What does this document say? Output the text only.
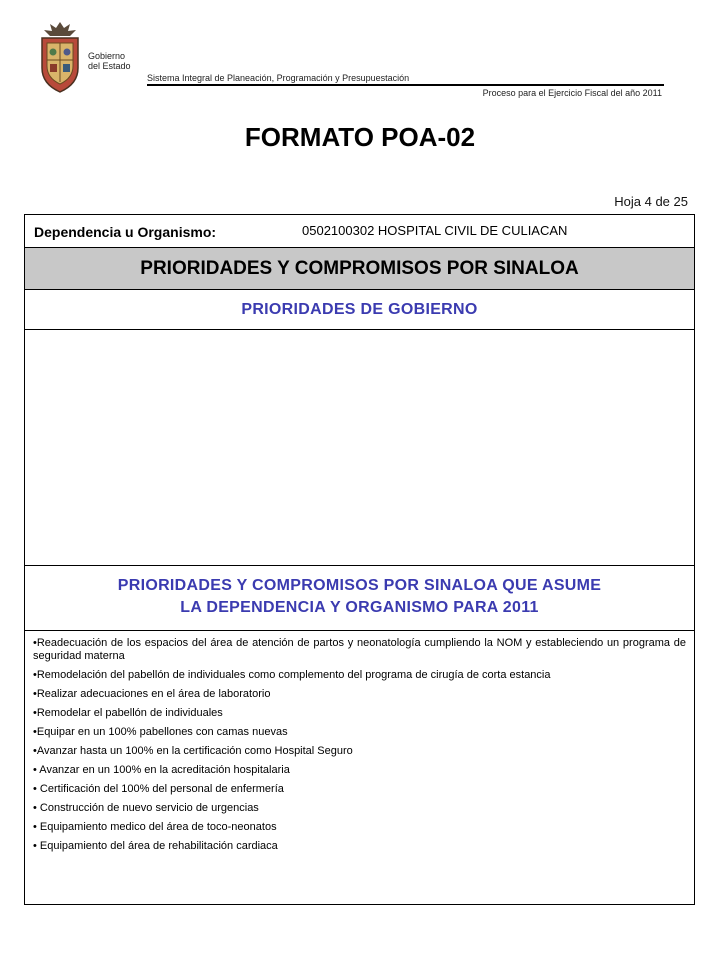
Gobierno
del Estado
Sistema Integral de Planeación, Programación y Presupuestación
Proceso para el Ejercicio Fiscal del año 2011
FORMATO POA-02
Hoja 4 de 25
Dependencia u Organismo:	0502100302 HOSPITAL CIVIL DE CULIACAN
PRIORIDADES Y COMPROMISOS POR SINALOA
PRIORIDADES DE GOBIERNO
PRIORIDADES Y COMPROMISOS POR SINALOA QUE ASUME
LA DEPENDENCIA Y ORGANISMO PARA 2011
•Readecuación de los espacios del área de atención de partos y neonatología cumpliendo la NOM y estableciendo un programa de seguridad materna
•Remodelación del pabellón de individuales como complemento del programa de cirugía de corta estancia
•Realizar adecuaciones en el área de laboratorio
•Remodelar el pabellón de individuales
•Equipar en un 100% pabellones con camas nuevas
•Avanzar hasta un 100% en la certificación como Hospital Seguro
• Avanzar en un 100% en la acreditación hospitalaria
• Certificación del 100% del personal de enfermería
• Construcción de nuevo servicio de urgencias
• Equipamiento medico del área de toco-neonatos
• Equipamiento del área de rehabilitación cardiaca
